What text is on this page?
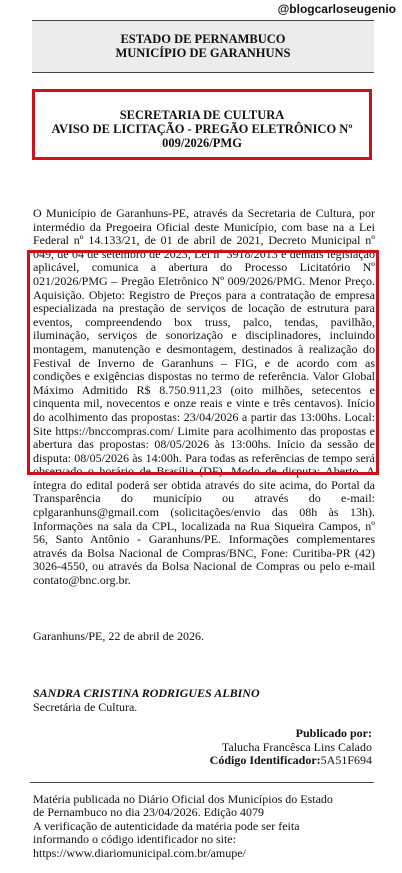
@blogcarloseugenio
ESTADO DE PERNAMBUCO
MUNICÍPIO DE GARANHUNS
SECRETARIA DE CULTURA
AVISO DE LICITAÇÃO - PREGÃO ELETRÔNICO Nº
009/2026/PMG

O Município de Garanhuns-PE, através da Secretaria de Cultura, por intermédio da Pregoeira Oficial deste Município, com base na a Lei Federal nº 14.133/21, de 01 de abril de 2021, Decreto Municipal nº 049, de 04 de setembro de 2023, Lei nº 3918/2013 e demais legislação aplicável, comunica a abertura do Processo Licitatório Nº 021/2026/PMG – Pregão Eletrônico Nº 009/2026/PMG. Menor Preço. Aquisição. Objeto: Registro de Preços para a contratação de empresa especializada na prestação de serviços de locação de estrutura para eventos, compreendendo box truss, palco, tendas, pavilhão, iluminação, serviços de sonorização e disciplinadores, incluindo montagem, manutenção e desmontagem, destinados à realização do Festival de Inverno de Garanhuns – FIG, e de acordo com as condições e exigências dispostas no termo de referência. Valor Global Máximo Admitido R$ 8.750.911,23 (oito milhões, setecentos e cinquenta mil, novecentos e onze reais e vinte e três centavos). Início do acolhimento das propostas: 23/04/2026 a partir das 13:00hs. Local: Site https://bnccompras.com/ Limite para acolhimento das propostas e abertura das propostas: 08/05/2026 às 13:00hs. Início da sessão de disputa: 08/05/2026 às 14:00h. Para todas as referências de tempo será observado o horário de Brasília (DF). Modo de disputa: Aberto. A íntegra do edital poderá ser obtida através do site acima, do Portal da Transparência do município ou através do e-mail: cplgaranhuns@gmail.com (solicitações/envio das 08h às 13h). Informações na sala da CPL, localizada na Rua Siqueira Campos, nº 56, Santo Antônio - Garanhuns/PE. Informações complementares através da Bolsa Nacional de Compras/BNC, Fone: Curitiba-PR (42) 3026-4550, ou através da Bolsa Nacional de Compras ou pelo e-mail contato@bnc.org.br.

Garanhuns/PE, 22 de abril de 2026.
SANDRA CRISTINA RODRIGUES ALBINO
Secretária de Cultura.
Publicado por:
Talucha Francêsca Lins Calado
Código Identificador:5A51F694
Matéria publicada no Diário Oficial dos Municípios do Estado
de Pernambuco no dia 23/04/2026. Edição 4079
A verificação de autenticidade da matéria pode ser feita
informando o código identificador no site:
https://www.diariomunicipal.com.br/amupe/
